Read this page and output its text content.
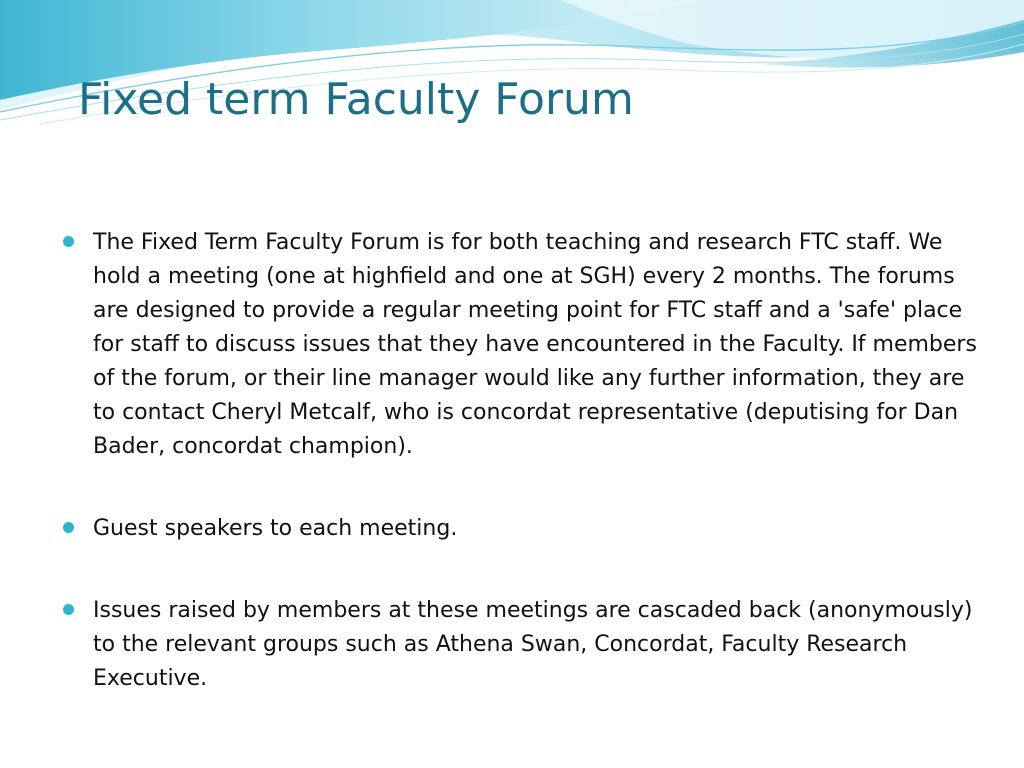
Fixed term Faculty Forum
The Fixed Term Faculty Forum is for both teaching and research FTC staff. We hold a meeting (one at highfield and one at SGH) every 2 months. The forums are designed to provide a regular meeting point for FTC staff and a 'safe' place for staff to discuss issues that they have encountered in the Faculty. If members of the forum, or their line manager would like any further information, they are to contact Cheryl Metcalf, who is concordat representative (deputising for Dan Bader, concordat champion).
Guest speakers to each meeting.
Issues raised by members at these meetings are cascaded back (anonymously) to the relevant groups such as Athena Swan, Concordat, Faculty Research Executive.
